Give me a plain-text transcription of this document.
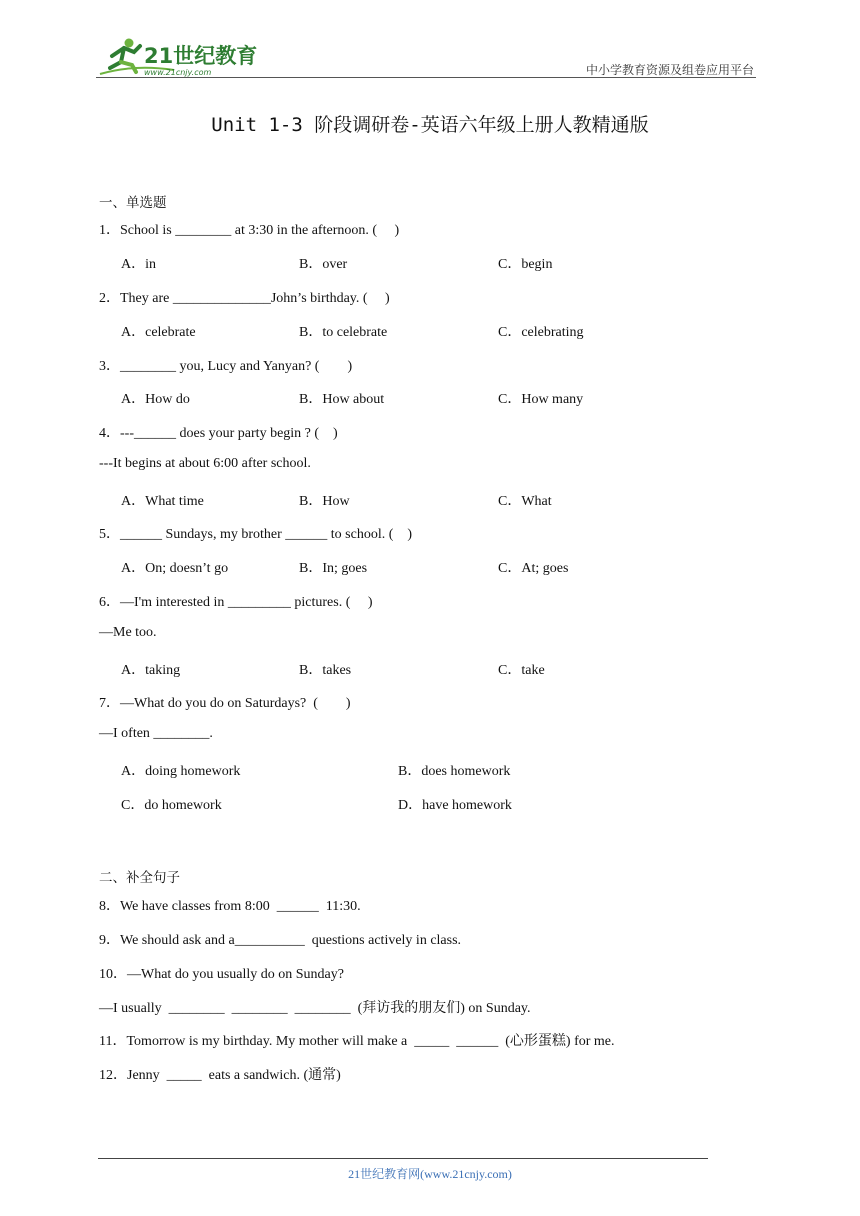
21世纪教育
www.21cnjy.com	中小学教育资源及组卷应用平台
Unit 1-3 阶段调研卷-英语六年级上册人教精通版
一、单选题
1．School is ________ at 3:30 in the afternoon. (　 )
A．in	B．over	C．begin
2．They are ______________John’s birthday. (　 )
A．celebrate	B．to celebrate	C．celebrating
3．________ you, Lucy and Yanyan? (　　)
A．How do	B．How about	C．How many
4．---______ does your party begin ? (　)
---It begins at about 6:00 after school.
A．What time	B．How	C．What
5．______ Sundays, my brother ______ to school. (　)
A．On; doesn’t go	B．In; goes	C．At; goes
6．—I'm interested in _________ pictures. (　 )
—Me too.
A．taking	B．takes	C．take
7．—What do you do on Saturdays?  (　　)
—I often ________.
A．doing homework	B．does homework
C．do homework	D．have homework
二、补全句子
8．We have classes from 8:00  ______  11:30.
9．We should ask and a__________  questions actively in class.
10．—What do you usually do on Sunday?
—I usually  ________  ________  ________  (拜访我的朋友们) on Sunday.
11．Tomorrow is my birthday. My mother will make a  _____  ______  (心形蛋糕) for me.
12．Jenny  _____  eats a sandwich. (通常)
21世纪教育网(www.21cnjy.com)
